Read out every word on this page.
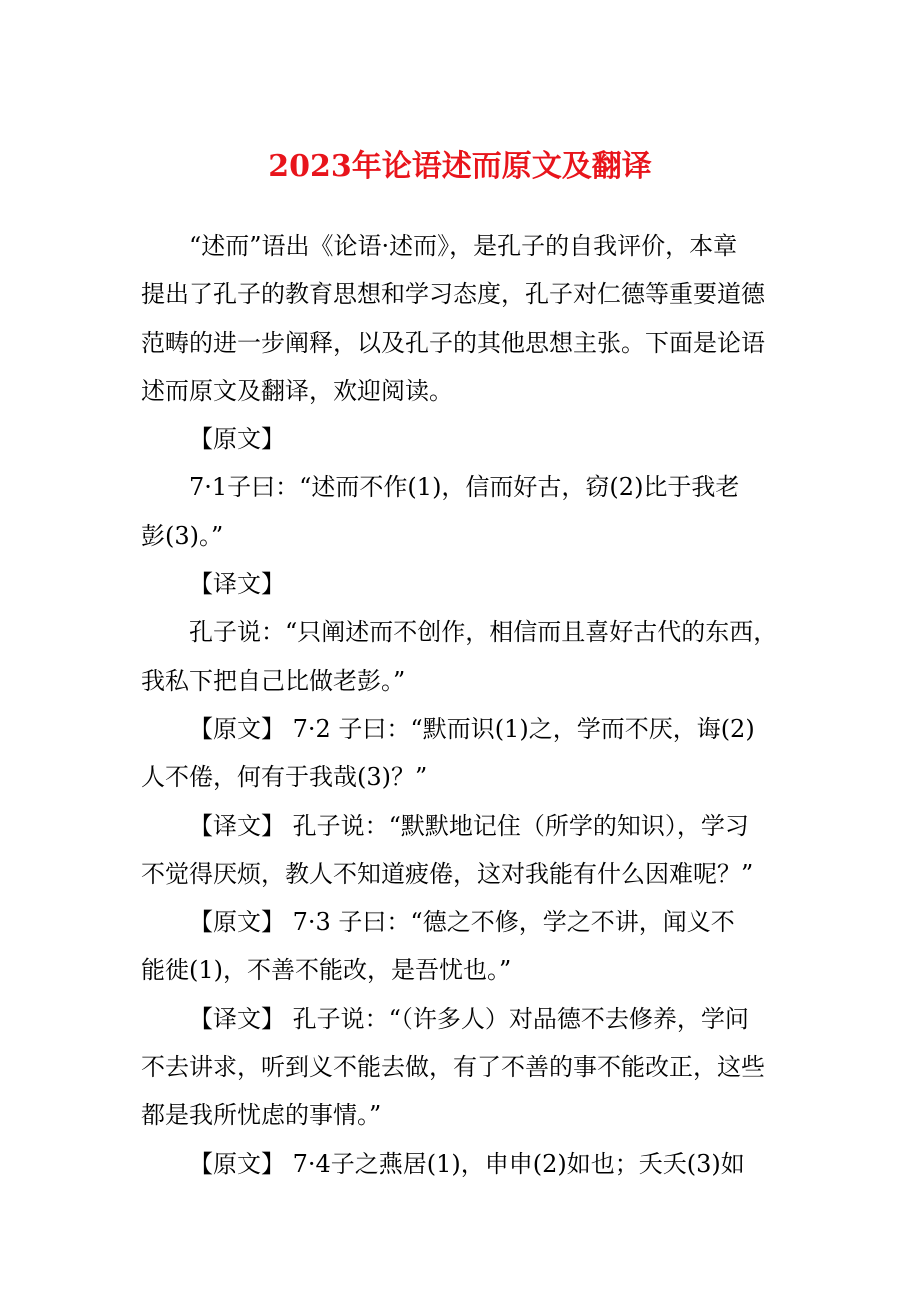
2023年论语述而原文及翻译

“述而”语出《论语·述而》，是孔子的自我评价，本章
提出了孔子的教育思想和学习态度，孔子对仁德等重要道德
范畴的进一步阐释，以及孔子的其他思想主张。下面是论语
述而原文及翻译，欢迎阅读。

【原文】

7·1子曰：“述而不作(1)，信而好古，窃(2)比于我老
彭(3)。”

【译文】

孔子说：“只阐述而不创作，相信而且喜好古代的东西，
我私下把自己比做老彭。”

【原文】 7·2 子曰：“默而识(1)之，学而不厌，诲(2)
人不倦，何有于我哉(3)？”

【译文】 孔子说：“默默地记住（所学的知识），学习
不觉得厌烦，教人不知道疲倦，这对我能有什么因难呢？”

【原文】 7·3 子曰：“德之不修，学之不讲，闻义不
能徙(1)，不善不能改，是吾忧也。”

【译文】 孔子说：“（许多人）对品德不去修养，学问
不去讲求，听到义不能去做，有了不善的事不能改正，这些
都是我所忧虑的事情。”

【原文】 7·4子之燕居(1)，申申(2)如也；夭夭(3)如
